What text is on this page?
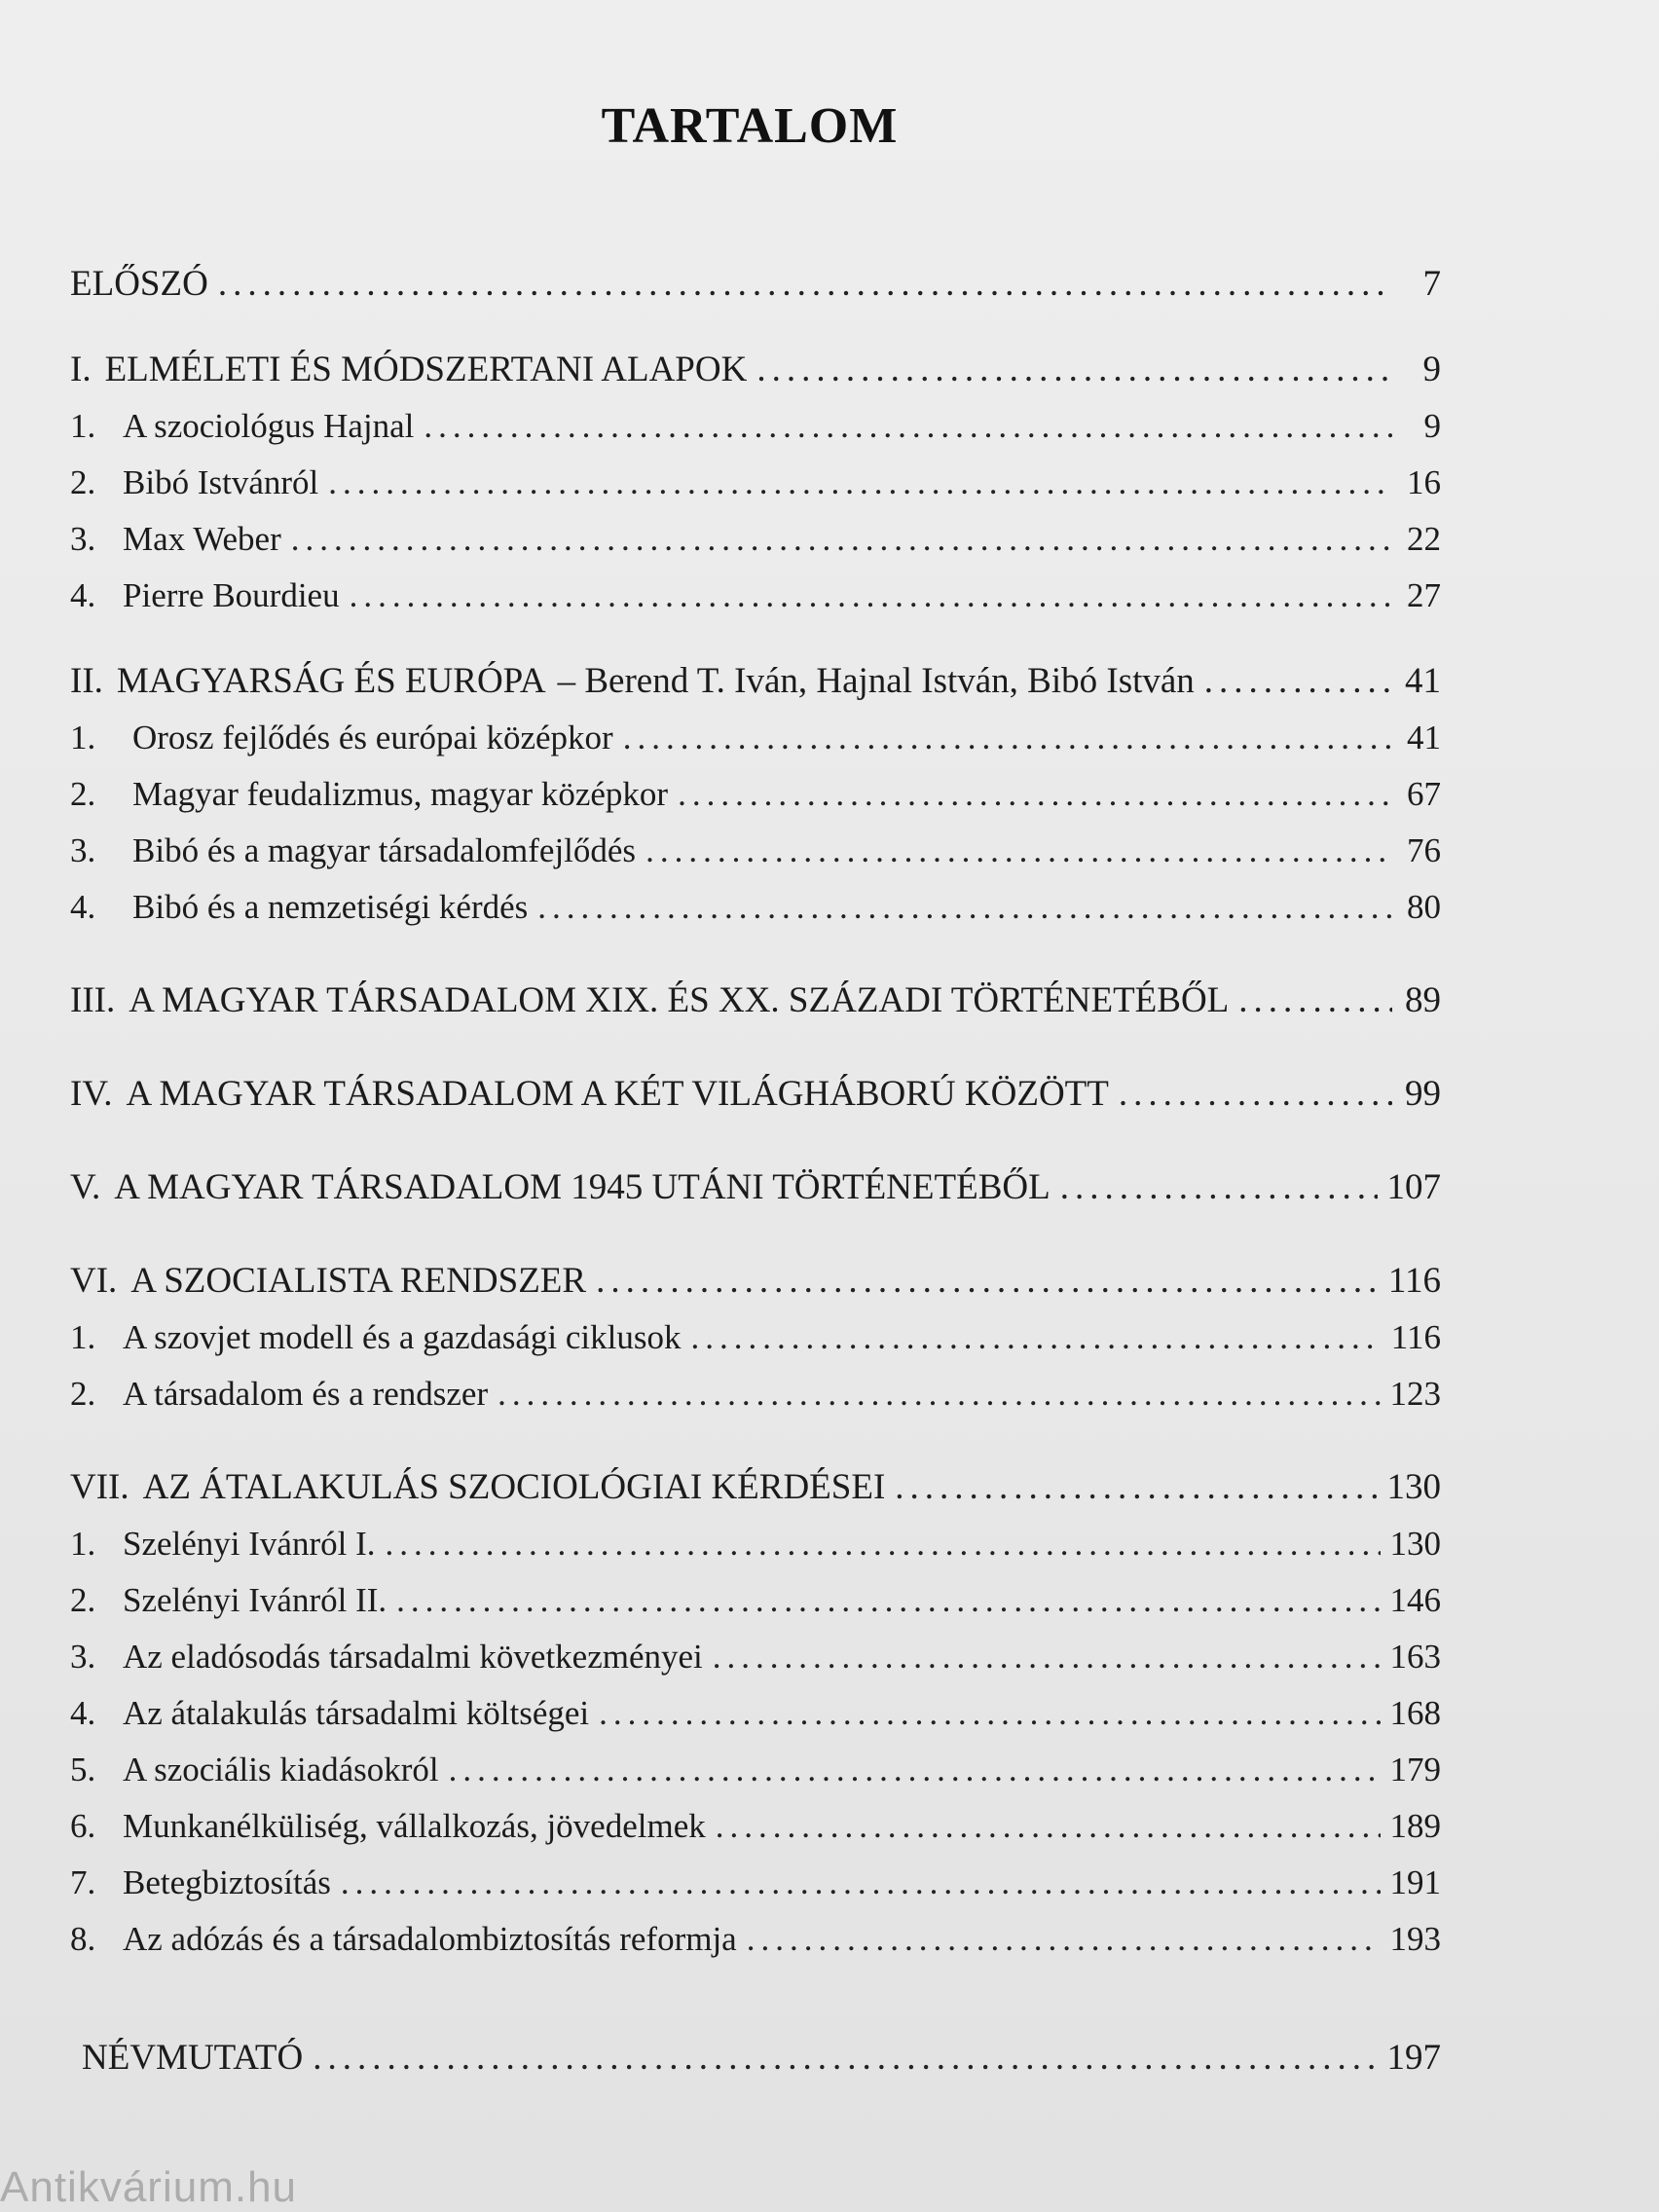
TARTALOM
ELŐSZÓ .....	7
I. ELMÉLETI ÉS MÓDSZERTANI ALAPOK .....	9
1. A szociológus Hajnal .....	9
2. Bibó Istvánról .....	16
3. Max Weber .....	22
4. Pierre Bourdieu .....	27
II. MAGYARSÁG ÉS EURÓPA – Berend T. Iván, Hajnal István, Bibó István .....	41
1.	Orosz fejlődés és európai középkor .....	41
2.	Magyar feudalizmus, magyar középkor .....	67
3.	Bibó és a magyar társadalomfejlődés .....	76
4.	Bibó és a nemzetiségi kérdés .....	80
III. A MAGYAR TÁRSADALOM XIX. ÉS XX. SZÁZADI TÖRTÉNETÉBŐL .....	89
IV. A MAGYAR TÁRSADALOM A KÉT VILÁGHÁBORÚ KÖZÖTT .....	99
V. A MAGYAR TÁRSADALOM 1945 UTÁNI TÖRTÉNETÉBŐL .....	107
VI. A SZOCIALISTA RENDSZER .....	116
1. A szovjet modell és a gazdasági ciklusok .....	116
2. A társadalom és a rendszer .....	123
VII. AZ ÁTALAKULÁS SZOCIOLÓGIAI KÉRDÉSEI .....	130
1. Szelényi Ivánról I. .....	130
2. Szelényi Ivánról II. .....	146
3. Az eladósodás társadalmi következményei .....	163
4. Az átalakulás társadalmi költségei .....	168
5. A szociális kiadásokról .....	179
6. Munkanélküliség, vállalkozás, jövedelmek .....	189
7. Betegbiztosítás .....	191
8. Az adózás és a társadalombiztosítás reformja .....	193
NÉVMUTATÓ .....	197
Antikvárium.hu
